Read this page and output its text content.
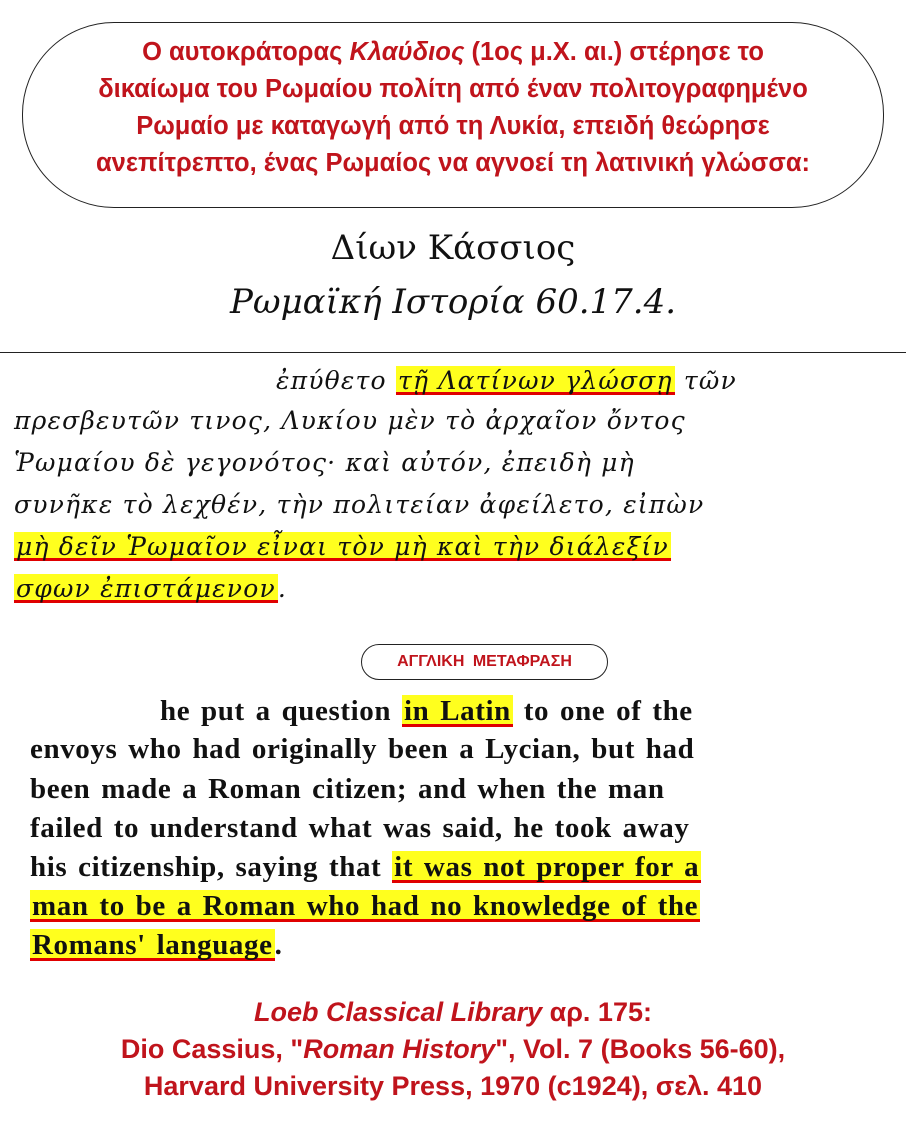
Ο αυτοκράτορας Κλαύδιος (1ος μ.Χ. αι.) στέρησε το
δικαίωμα του Ρωμαίου πολίτη από έναν πολιτογραφημένο
Ρωμαίο με καταγωγή από τη Λυκία, επειδή θεώρησε
ανεπίτρεπτο, ένας Ρωμαίος να αγνοεί τη λατινική γλώσσα:
Δίων Κάσσιος
Ρωμαϊκή Ιστορία 60.17.4.
ἐπύθετο τῇ Λατίνων γλώσσῃ τῶν
πρεσβευτῶν τινος, Λυκίου μὲν τὸ ἀρχαῖον ὄντος
Ῥωμαίου δὲ γεγονότος· καὶ αὐτόν, ἐπειδὴ μὴ
συνῆκε τὸ λεχθέν, τὴν πολιτείαν ἀφείλετο, εἰπὼν
μὴ δεῖν Ῥωμαῖον εἶναι τὸν μὴ καὶ τὴν διάλεξίν
σφων ἐπιστάμενον.
ΑΓΓΛΙΚΗ ΜΕΤΑΦΡΑΣΗ
he put a question in Latin to one of the
envoys who had originally been a Lycian, but had
been made a Roman citizen; and when the man
failed to understand what was said, he took away
his citizenship, saying that it was not proper for a
man to be a Roman who had no knowledge of the
Romans' language.
Loeb Classical Library αρ. 175:
Dio Cassius, "Roman History", Vol. 7 (Books 56-60),
Harvard University Press, 1970 (c1924), σελ. 410
